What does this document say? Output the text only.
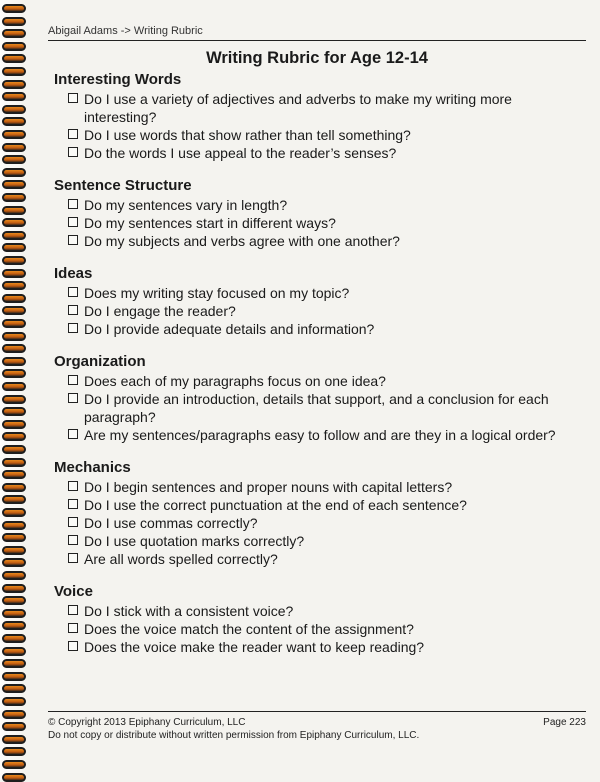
Abigail Adams -> Writing Rubric
Writing Rubric for Age 12-14
Interesting Words
Do I use a variety of adjectives and adverbs to make my writing more interesting?
Do I use words that show rather than tell something?
Do the words I use appeal to the reader’s senses?
Sentence Structure
Do my sentences vary in length?
Do my sentences start in different ways?
Do my subjects and verbs agree with one another?
Ideas
Does my writing stay focused on my topic?
Do I engage the reader?
Do I provide adequate details and information?
Organization
Does each of my paragraphs focus on one idea?
Do I provide an introduction, details that support, and a conclusion for each paragraph?
Are my sentences/paragraphs easy to follow and are they in a logical order?
Mechanics
Do I begin sentences and proper nouns with capital letters?
Do I use the correct punctuation at the end of each sentence?
Do I use commas correctly?
Do I use quotation marks correctly?
Are all words spelled correctly?
Voice
Do I stick with a consistent voice?
Does the voice match the content of the assignment?
Does the voice make the reader want to keep reading?
© Copyright 2013 Epiphany Curriculum, LLC	Page 223
Do not copy or distribute without written permission from Epiphany Curriculum, LLC.
